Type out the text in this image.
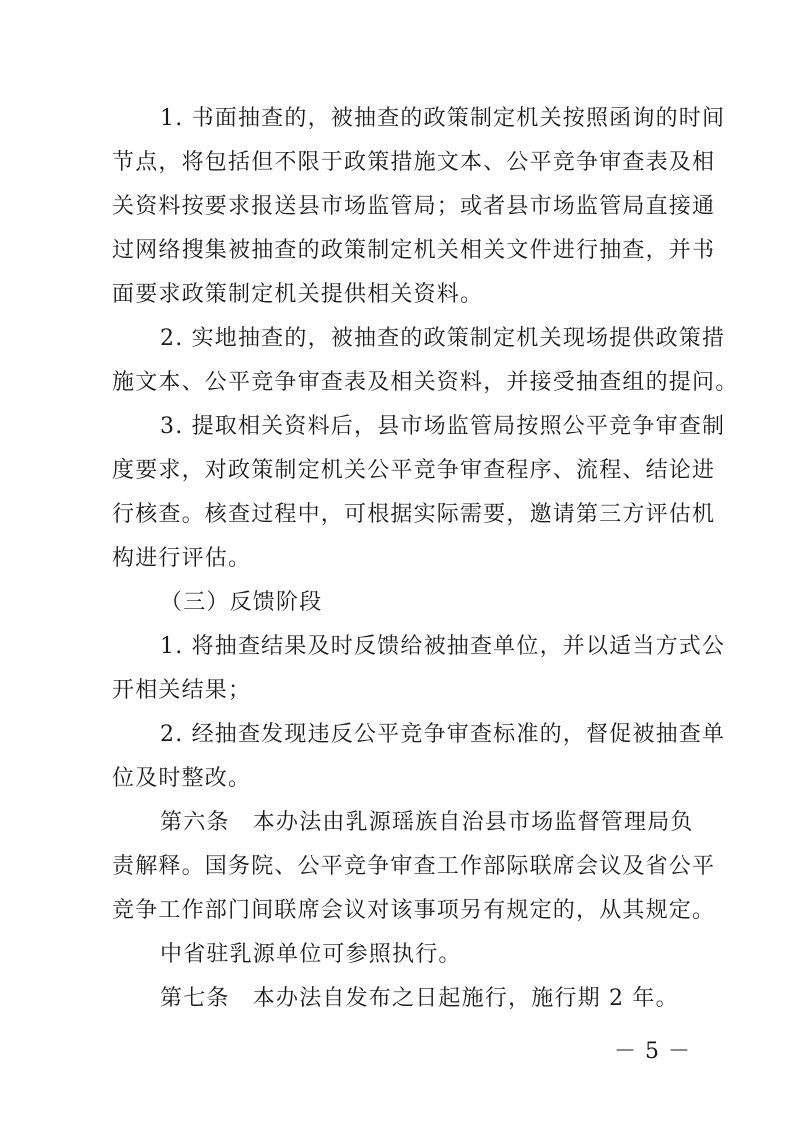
1. 书面抽查的，被抽查的政策制定机关按照函询的时间
节点，将包括但不限于政策措施文本、公平竞争审查表及相
关资料按要求报送县市场监管局；或者县市场监管局直接通
过网络搜集被抽查的政策制定机关相关文件进行抽查，并书
面要求政策制定机关提供相关资料。
2. 实地抽查的，被抽查的政策制定机关现场提供政策措
施文本、公平竞争审查表及相关资料，并接受抽查组的提问。
3. 提取相关资料后，县市场监管局按照公平竞争审查制
度要求，对政策制定机关公平竞争审查程序、流程、结论进
行核查。核查过程中，可根据实际需要，邀请第三方评估机
构进行评估。
（三）反馈阶段
1. 将抽查结果及时反馈给被抽查单位，并以适当方式公
开相关结果；
2. 经抽查发现违反公平竞争审查标准的，督促被抽查单
位及时整改。
第六条　本办法由乳源瑶族自治县市场监督管理局负
责解释。国务院、公平竞争审查工作部际联席会议及省公平
竞争工作部门间联席会议对该事项另有规定的，从其规定。
中省驻乳源单位可参照执行。
第七条　本办法自发布之日起施行，施行期 2 年。
－ 5 －
